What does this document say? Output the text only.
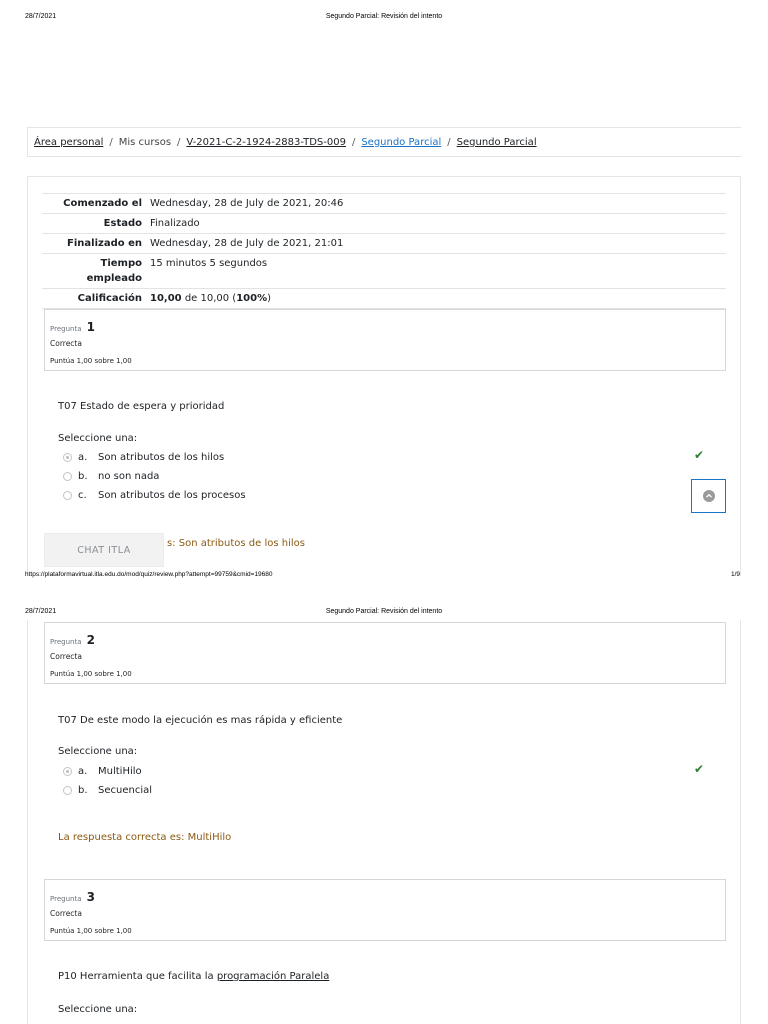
28/7/2021	Segundo Parcial: Revisión del intento
Área personal / Mis cursos / V-2021-C-2-1924-2883-TDS-009 / Segundo Parcial / Segundo Parcial
Comenzado el	Wednesday, 28 de July de 2021, 20:46
Estado	Finalizado
Finalizado en	Wednesday, 28 de July de 2021, 21:01
Tiempo
empleado	15 minutos 5 segundos
Calificación	10,00 de 10,00 (100%)
Pregunta 1
Correcta
Puntúa 1,00 sobre 1,00
T07 Estado de espera y prioridad
Seleccione una:
a.	Son atributos de los hilos	✔
b.	no son nada
c.	Son atributos de los procesos
s: Son atributos de los hilos
CHAT ITLA
https://plataformavirtual.itla.edu.do/mod/quiz/review.php?attempt=99759&cmid=19680	1/9
28/7/2021	Segundo Parcial: Revisión del intento
Pregunta 2
Correcta
Puntúa 1,00 sobre 1,00
T07 De este modo la ejecución es mas rápida y eficiente
Seleccione una:
a.	MultiHilo	✔
b.	Secuencial
La respuesta correcta es: MultiHilo
Pregunta 3
Correcta
Puntúa 1,00 sobre 1,00
P10 Herramienta que facilita la programación Paralela
Seleccione una:
